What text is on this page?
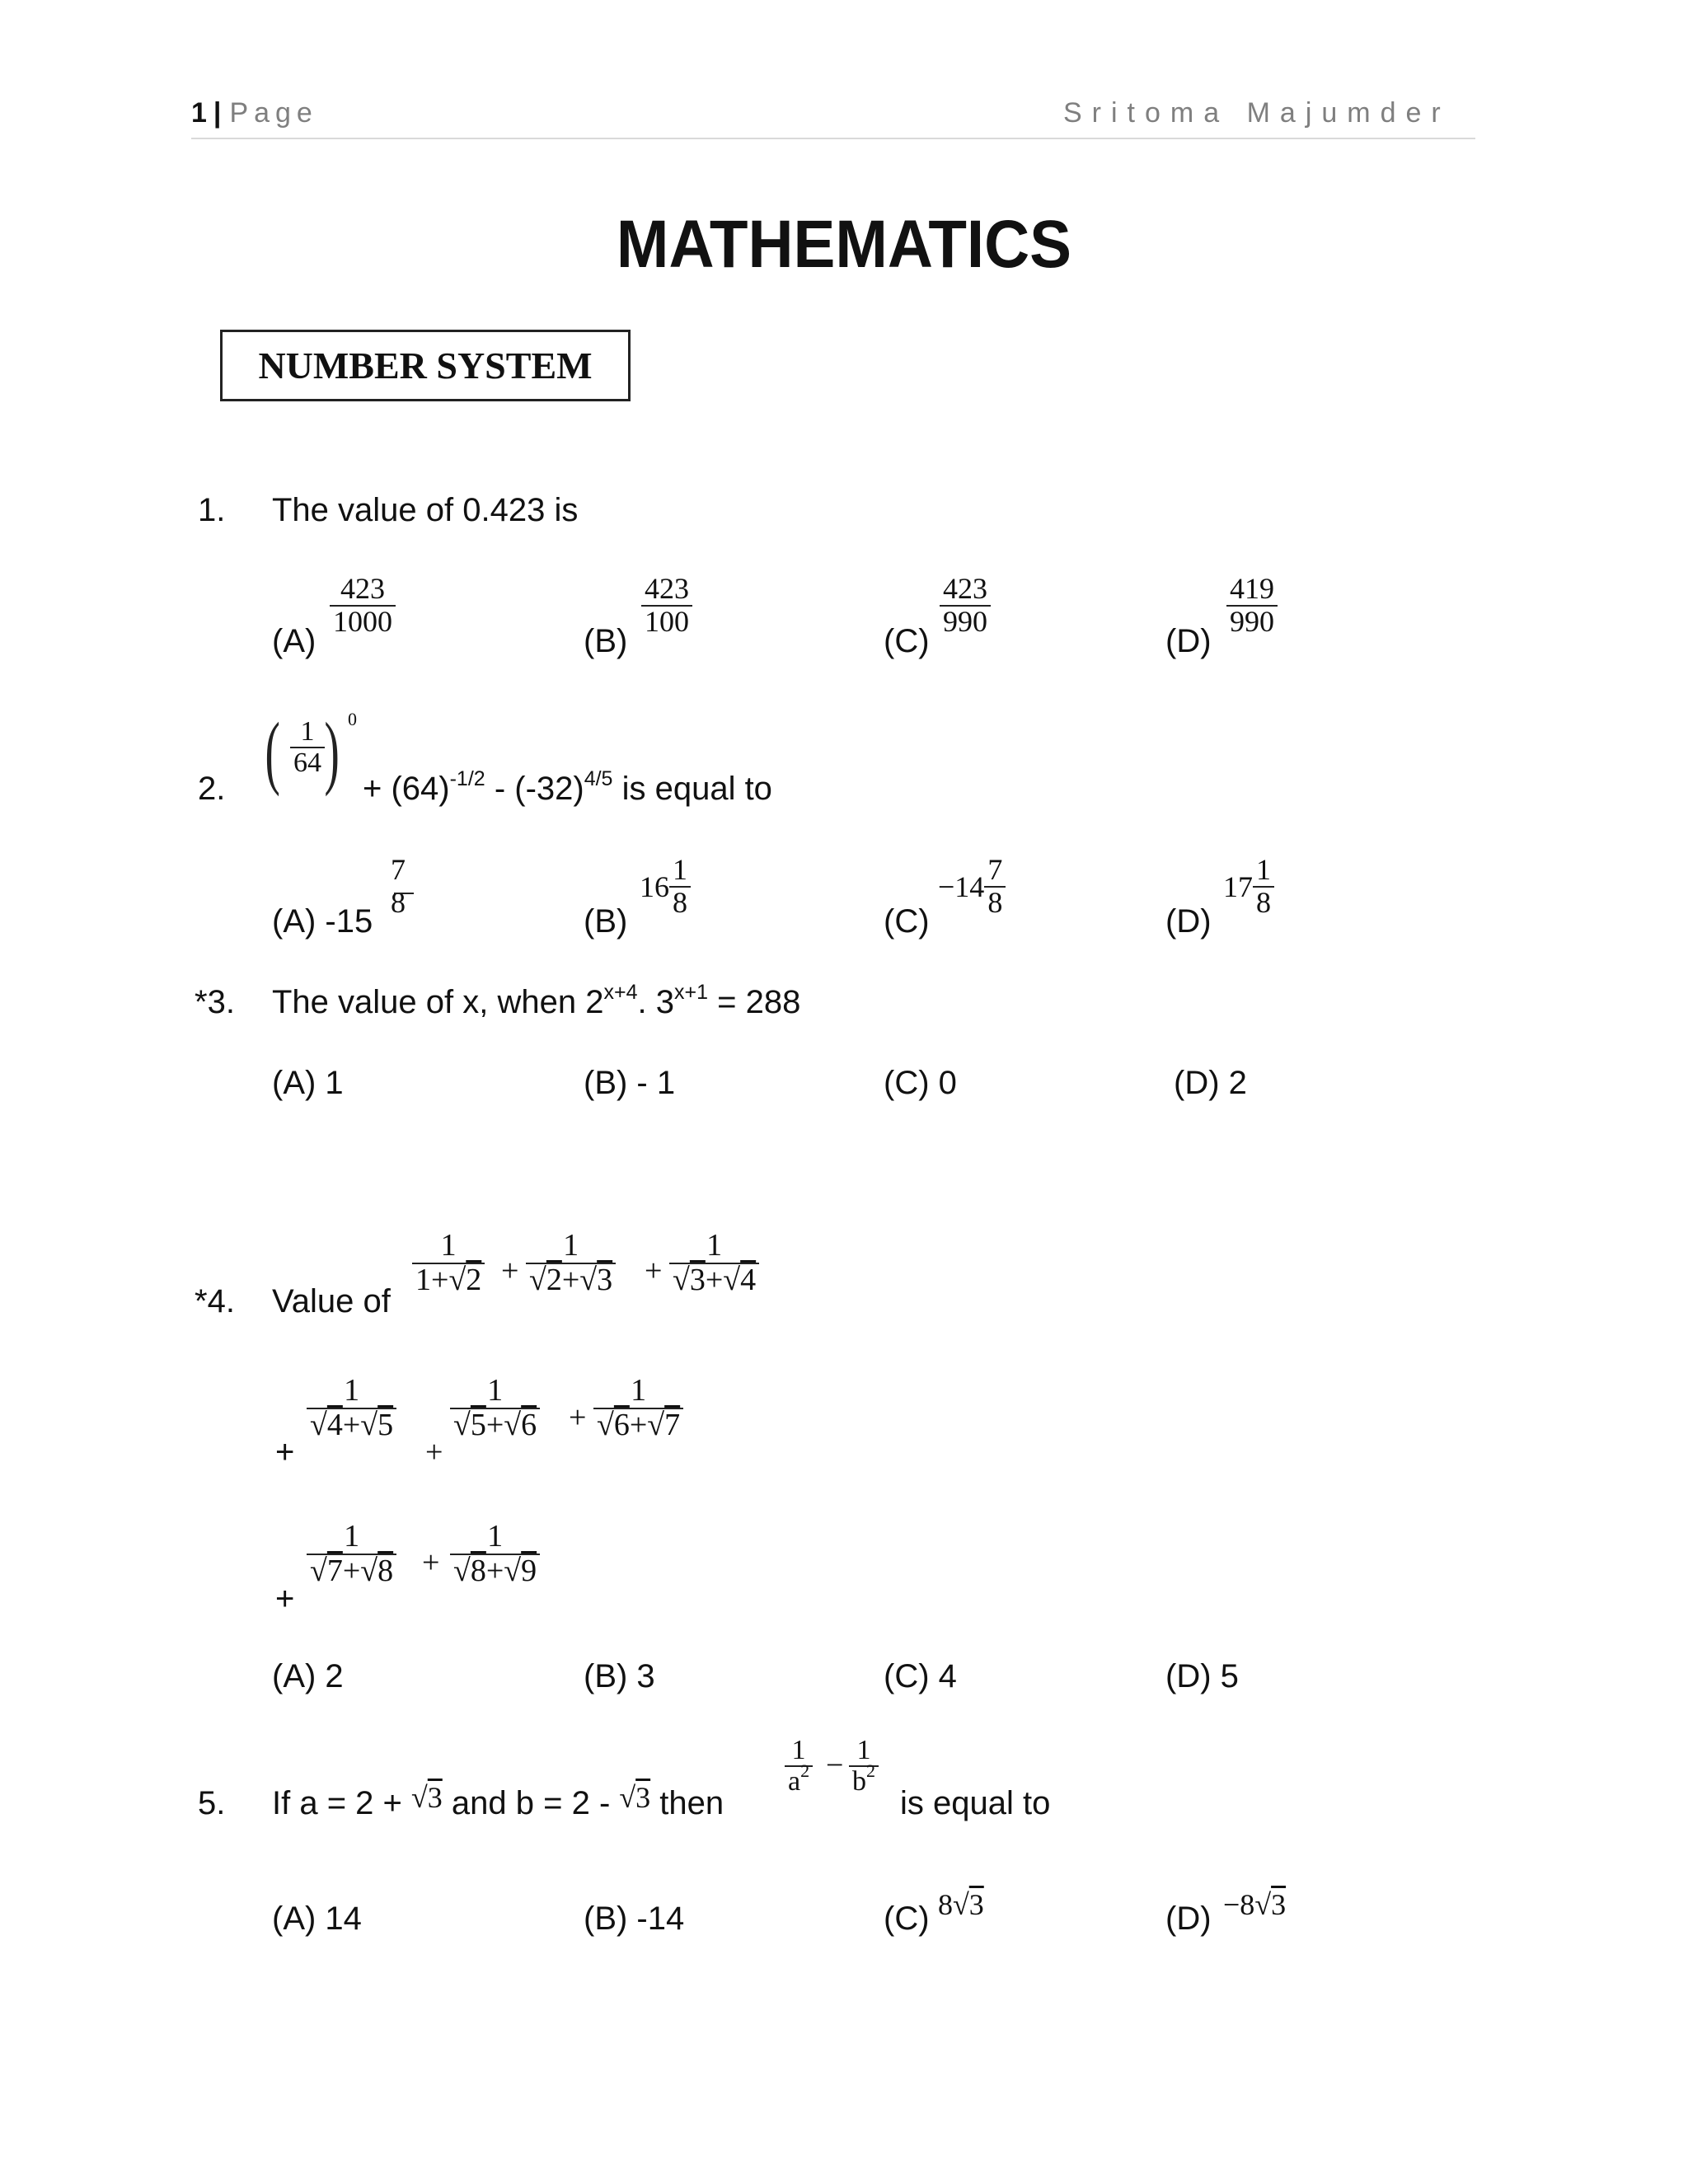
1 | Page	Sritoma Majumder
MATHEMATICS
NUMBER SYSTEM
1. The value of 0.423 is
(A)
$\frac{423}{1000}$
(B)
$\frac{423}{100}$
(C)
$\frac{423}{990}$
(D)
$\frac{419}{990}$
2. ( $\frac{1}{64}$ ) 0
+ $(64)^{-1/2} - (-32)^{4/5}$ is equal to
(A) -15
7
8
(B)
$16 \frac{1}{8}$
(C)
$-14 \frac{7}{8}$
(D)
$17 \frac{1}{8}$
*3. The value of x, when $2^{x+4}$. $3^{x+1} = 288$
(A) 1	(B) - 1	(C) 0	(D) 2
*4. Value of
$\frac{1}{1+√2} \frac{1}{√2+√3} \frac{1}{√3+√4}$
$\frac{1}{√4+√5} \frac{1}{√5+√6} \frac{1}{√6+√7}$
$\frac{1}{√7+√8} \frac{1}{√8+√9}$
+	+
+	+
+
+
+
(A) 2	(B) 3	(C) 4	(D) 5
5. If a = 2 + √3 and b = 2 - √3 then
$\frac{1}{a^2} - \frac{1}{b^2}$
is equal to
(A) 14	(B) -14	(C) 8√3	(D) −8√3
